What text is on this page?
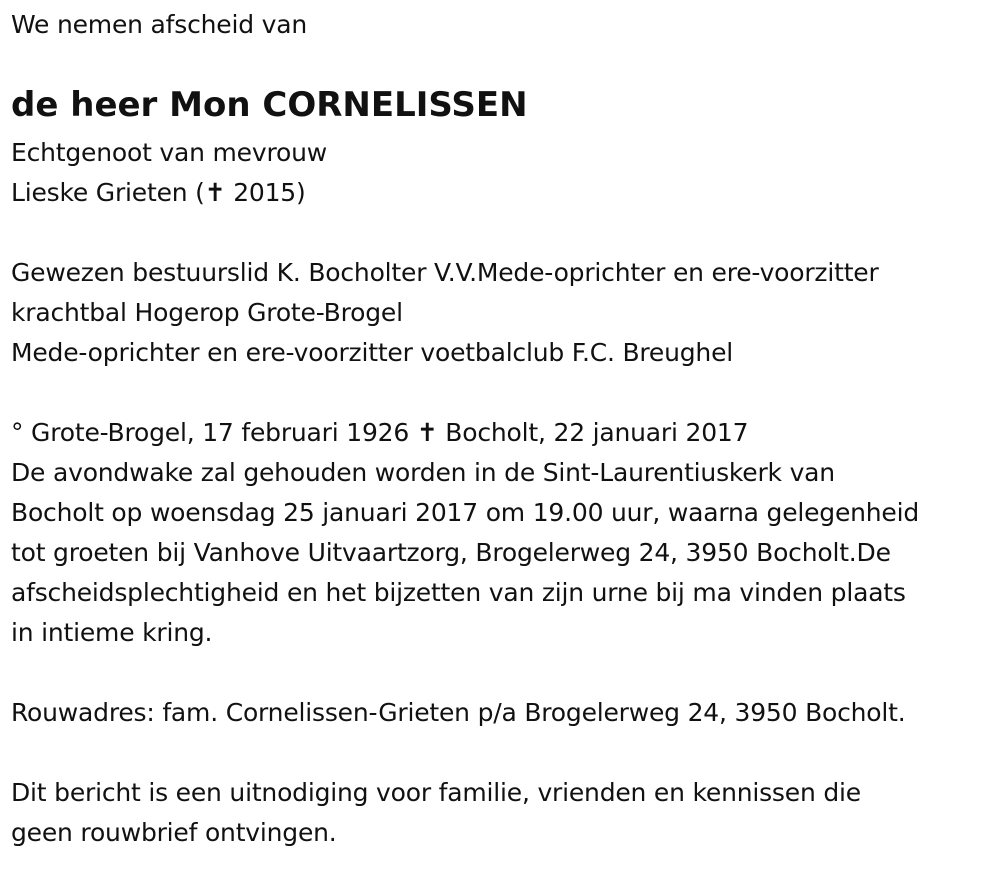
We nemen afscheid van
de heer Mon CORNELISSEN
Echtgenoot van mevrouw
Lieske Grieten (✝ 2015)
Gewezen bestuurslid K. Bocholter V.V.Mede-oprichter en ere-voorzitter
krachtbal Hogerop Grote-Brogel
Mede-oprichter en ere-voorzitter voetbalclub F.C. Breughel
° Grote-Brogel, 17 februari 1926 ✝ Bocholt, 22 januari 2017
De avondwake zal gehouden worden in de Sint-Laurentiuskerk van
Bocholt op woensdag 25 januari 2017 om 19.00 uur, waarna gelegenheid
tot groeten bij Vanhove Uitvaartzorg, Brogelerweg 24, 3950 Bocholt.De
afscheidsplechtigheid en het bijzetten van zijn urne bij ma vinden plaats
in intieme kring.
Rouwadres: fam. Cornelissen-Grieten p/a Brogelerweg 24, 3950 Bocholt.
Dit bericht is een uitnodiging voor familie, vrienden en kennissen die
geen rouwbrief ontvingen.
